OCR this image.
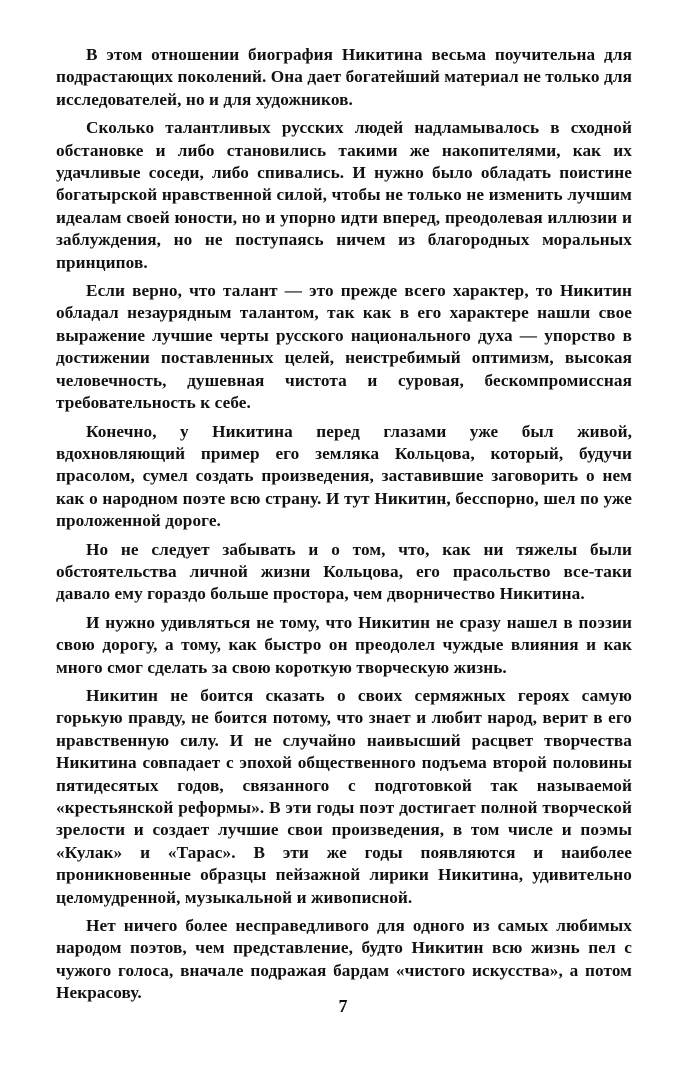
В этом отношении биография Никитина весьма поучительна для подрастающих поколений. Она дает богатейший материал не только для исследователей, но и для художников.

Сколько талантливых русских людей надламывалось в сходной обстановке и либо становились такими же накопителями, как их удачливые соседи, либо спивались. И нужно было обладать поистине богатырской нравственной силой, чтобы не только не изменить лучшим идеалам своей юности, но и упорно идти вперед, преодолевая иллюзии и заблуждения, но не поступаясь ничем из благородных моральных принципов.

Если верно, что талант — это прежде всего характер, то Никитин обладал незаурядным талантом, так как в его характере нашли свое выражение лучшие черты русского национального духа — упорство в достижении поставленных целей, неистребимый оптимизм, высокая человечность, душевная чистота и суровая, бескомпромиссная требовательность к себе.

Конечно, у Никитина перед глазами уже был живой, вдохновляющий пример его земляка Кольцова, который, будучи прасолом, сумел создать произведения, заставившие заговорить о нем как о народном поэте всю страну. И тут Никитин, бесспорно, шел по уже проложенной дороге.

Но не следует забывать и о том, что, как ни тяжелы были обстоятельства личной жизни Кольцова, его прасольство все-таки давало ему гораздо больше простора, чем дворничество Никитина.

И нужно удивляться не тому, что Никитин не сразу нашел в поэзии свою дорогу, а тому, как быстро он преодолел чуждые влияния и как много смог сделать за свою короткую творческую жизнь.

Никитин не боится сказать о своих сермяжных героях самую горькую правду, не боится потому, что знает и любит народ, верит в его нравственную силу. И не случайно наивысший расцвет творчества Никитина совпадает с эпохой общественного подъема второй половины пятидесятых годов, связанного с подготовкой так называемой «крестьянской реформы». В эти годы поэт достигает полной творческой зрелости и создает лучшие свои произведения, в том числе и поэмы «Кулак» и «Тарас». В эти же годы появляются и наиболее проникновенные образцы пейзажной лирики Никитина, удивительно целомудренной, музыкальной и живописной.

Нет ничего более несправедливого для одного из самых любимых народом поэтов, чем представление, будто Никитин всю жизнь пел с чужого голоса, вначале подражая бардам «чистого искусства», а потом Некрасову.

7
